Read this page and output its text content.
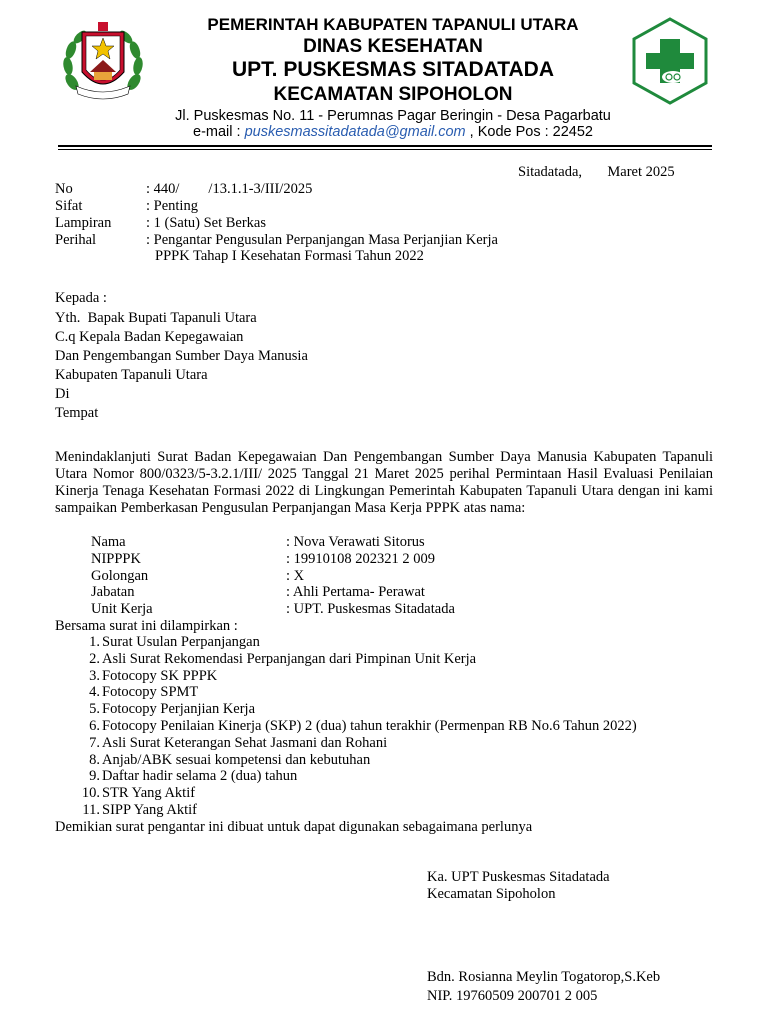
PEMERINTAH KABUPATEN TAPANULI UTARA
DINAS KESEHATAN
UPT. PUSKESMAS SITADATADA
KECAMATAN SIPOHOLON
Jl. Puskesmas No. 11 - Perumnas Pagar Beringin - Desa Pagarbatu
e-mail : puskesmassitadatada@gmail.com , Kode Pos : 22452
Sitadatada,       Maret 2025
No	: 440/        /13.1.1-3/III/2025
Sifat	: Penting
Lampiran : 1 (Satu) Set Berkas
Perihal	: Pengantar Pengusulan Perpanjangan Masa Perjanjian Kerja
PPPK Tahap I Kesehatan Formasi Tahun 2022
Kepada :
Yth.  Bapak Bupati Tapanuli Utara
C.q Kepala Badan Kepegawaian
Dan Pengembangan Sumber Daya Manusia
Kabupaten Tapanuli Utara
Di
Tempat
Menindaklanjuti Surat Badan Kepegawaian Dan Pengembangan Sumber Daya Manusia Kabupaten Tapanuli Utara Nomor 800/0323/5-3.2.1/III/ 2025 Tanggal 21 Maret 2025 perihal Permintaan Hasil Evaluasi Penilaian Kinerja Tenaga Kesehatan Formasi 2022 di Lingkungan Pemerintah Kabupaten Tapanuli Utara dengan ini kami sampaikan Pemberkasan Pengusulan Perpanjangan Masa Kerja PPPK atas nama:
Nama	: Nova Verawati Sitorus
NIPPPK	: 19910108 202321 2 009
Golongan	: X
Jabatan	: Ahli Pertama- Perawat
Unit Kerja	: UPT. Puskesmas Sitadatada
Bersama surat ini dilampirkan :
1. Surat Usulan Perpanjangan
2. Asli Surat Rekomendasi Perpanjangan dari Pimpinan Unit Kerja
3. Fotocopy SK PPPK
4. Fotocopy SPMT
5. Fotocopy Perjanjian Kerja
6. Fotocopy Penilaian Kinerja (SKP) 2 (dua) tahun terakhir (Permenpan RB No.6 Tahun 2022)
7. Asli Surat Keterangan Sehat Jasmani dan Rohani
8. Anjab/ABK sesuai kompetensi dan kebutuhan
9. Daftar hadir selama 2 (dua) tahun
10. STR Yang Aktif
11. SIPP Yang Aktif
Demikian surat pengantar ini dibuat untuk dapat digunakan sebagaimana perlunya
Ka. UPT Puskesmas Sitadatada
Kecamatan Sipoholon
Bdn. Rosianna Meylin Togatorop,S.Keb
NIP. 19760509 200701 2 005
